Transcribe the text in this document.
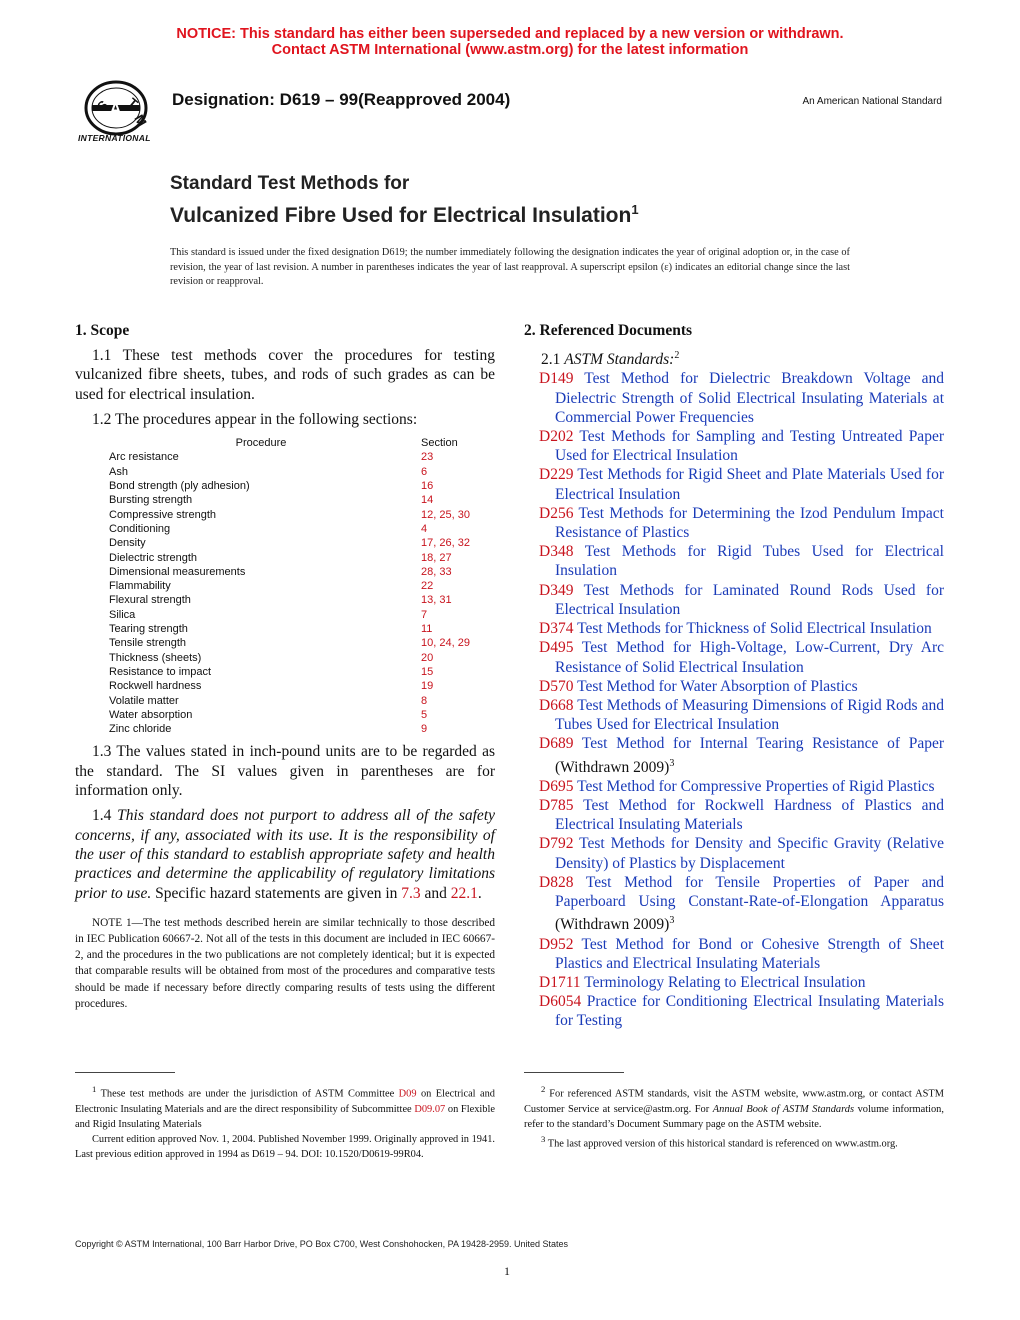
NOTICE: This standard has either been superseded and replaced by a new version or withdrawn.
Contact ASTM International (www.astm.org) for the latest information
A
S T
M
INTERNATIONAL
Designation: D619 – 99(Reapproved 2004)	An American National Standard
Standard Test Methods for
Vulcanized Fibre Used for Electrical Insulation$^1$
This standard is issued under the fixed designation D619; the number immediately following the designation indicates the year of original adoption or, in the case of revision, the year of last revision. A number in parentheses indicates the year of last reapproval. A superscript epsilon (ε) indicates an editorial change since the last revision or reapproval.
1. Scope

1.1 These test methods cover the procedures for testing vulcanized fibre sheets, tubes, and rods of such grades as can be used for electrical insulation.

1.2 The procedures appear in the following sections:

Procedure	Section
Arc resistance	23
Ash	6
Bond strength (ply adhesion)	16
Bursting strength	14
Compressive strength	12, 25, 30
Conditioning	4
Density	17, 26, 32
Dielectric strength	18, 27
Dimensional measurements	28, 33
Flammability	22
Flexural strength	13, 31
Silica	7
Tearing strength	11
Tensile strength	10, 24, 29
Thickness (sheets)	20
Resistance to impact	15
Rockwell hardness	19
Volatile matter	8
Water absorption	5
Zinc chloride	9

1.3 The values stated in inch-pound units are to be regarded as the standard. The SI values given in parentheses are for information only.

1.4 This standard does not purport to address all of the safety concerns, if any, associated with its use. It is the responsibility of the user of this standard to establish appropriate safety and health practices and determine the applicability of regulatory limitations prior to use. Specific hazard statements are given in 7.3 and 22.1.

NOTE 1—The test methods described herein are similar technically to those described in IEC Publication 60667-2. Not all of the tests in this document are included in IEC 60667-2, and the procedures in the two publications are not completely identical; but it is expected that comparable results will be obtained from most of the procedures and comparative tests should be made if necessary before directly comparing results of tests using the different procedures.

2. Referenced Documents

2.1 ASTM Standards:$^2$

D149 Test Method for Dielectric Breakdown Voltage and Dielectric Strength of Solid Electrical Insulating Materials at Commercial Power Frequencies
D202 Test Methods for Sampling and Testing Untreated Paper Used for Electrical Insulation
D229 Test Methods for Rigid Sheet and Plate Materials Used for Electrical Insulation
D256 Test Methods for Determining the Izod Pendulum Impact Resistance of Plastics
D348 Test Methods for Rigid Tubes Used for Electrical Insulation
D349 Test Methods for Laminated Round Rods Used for Electrical Insulation
D374 Test Methods for Thickness of Solid Electrical Insulation
D495 Test Method for High-Voltage, Low-Current, Dry Arc Resistance of Solid Electrical Insulation
D570 Test Method for Water Absorption of Plastics
D668 Test Methods of Measuring Dimensions of Rigid Rods and Tubes Used for Electrical Insulation
D689 Test Method for Internal Tearing Resistance of Paper (Withdrawn 2009)$^3$
D695 Test Method for Compressive Properties of Rigid Plastics
D785 Test Method for Rockwell Hardness of Plastics and Electrical Insulating Materials
D792 Test Methods for Density and Specific Gravity (Relative Density) of Plastics by Displacement
D828 Test Method for Tensile Properties of Paper and Paperboard Using Constant-Rate-of-Elongation Apparatus (Withdrawn 2009)$^3$
D952 Test Method for Bond or Cohesive Strength of Sheet Plastics and Electrical Insulating Materials
D1711 Terminology Relating to Electrical Insulation
D6054 Practice for Conditioning Electrical Insulating Materials for Testing

$^1$ These test methods are under the jurisdiction of ASTM Committee D09 on Electrical and Electronic Insulating Materials and are the direct responsibility of Subcommittee D09.07 on Flexible and Rigid Insulating Materials

Current edition approved Nov. 1, 2004. Published November 1999. Originally approved in 1941. Last previous edition approved in 1994 as D619 – 94. DOI: 10.1520/D0619-99R04.

$^2$ For referenced ASTM standards, visit the ASTM website, www.astm.org, or contact ASTM Customer Service at service@astm.org. For Annual Book of ASTM Standards volume information, refer to the standard’s Document Summary page on the ASTM website.

$^3$ The last approved version of this historical standard is referenced on www.astm.org.

Copyright © ASTM International, 100 Barr Harbor Drive, PO Box C700, West Conshohocken, PA 19428-2959. United States
1
